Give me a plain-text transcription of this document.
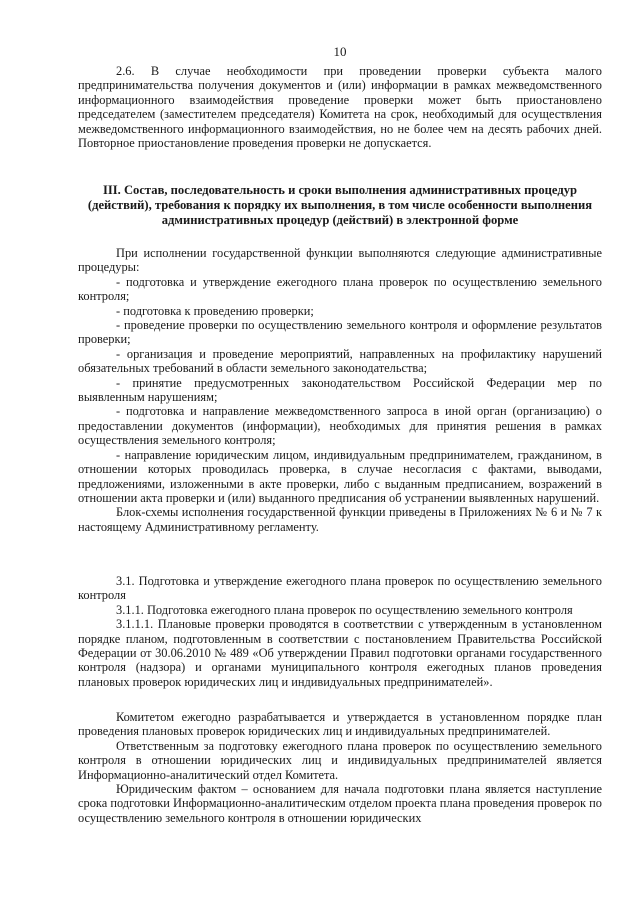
10

2.6. В случае необходимости при проведении проверки субъекта малого предпринимательства получения документов и (или) информации в рамках межведомственного информационного взаимодействия проведение проверки может быть приостановлено председателем (заместителем председателя) Комитета на срок, необходимый для осуществления межведомственного информационного взаимодействия, но не более чем на десять рабочих дней. Повторное приостановление проведения проверки не допускается.

III. Состав, последовательность и сроки выполнения административных процедур (действий), требования к порядку их выполнения, в том числе особенности выполнения административных процедур (действий) в электронной форме

При исполнении государственной функции выполняются следующие административные процедуры:

- подготовка и утверждение ежегодного плана проверок по осуществлению земельного контроля;

- подготовка к проведению проверки;

- проведение проверки по осуществлению земельного контроля и оформление результатов проверки;

- организация и проведение мероприятий, направленных на профилактику нарушений обязательных требований в области земельного законодательства;

- принятие предусмотренных законодательством Российской Федерации мер по выявленным нарушениям;

- подготовка и направление межведомственного запроса в иной орган (организацию) о предоставлении документов (информации), необходимых для принятия решения в рамках осуществления земельного контроля;

- направление юридическим лицом, индивидуальным предпринимателем, гражданином, в отношении которых проводилась проверка, в случае несогласия с фактами, выводами, предложениями, изложенными в акте проверки, либо с выданным предписанием, возражений в отношении акта проверки и (или) выданного предписания об устранении выявленных нарушений.

Блок-схемы исполнения государственной функции приведены в Приложениях № 6 и № 7 к настоящему Административному регламенту.

3.1. Подготовка и утверждение ежегодного плана проверок по осуществлению земельного контроля

3.1.1. Подготовка ежегодного плана проверок по осуществлению земельного контроля

3.1.1.1. Плановые проверки проводятся в соответствии с утвержденным в установленном порядке планом, подготовленным в соответствии с постановлением Правительства Российской Федерации от 30.06.2010 № 489 «Об утверждении Правил подготовки органами государственного контроля (надзора) и органами муниципального контроля ежегодных планов проведения плановых проверок юридических лиц и индивидуальных предпринимателей».

Комитетом ежегодно разрабатывается и утверждается в установленном порядке план проведения плановых проверок юридических лиц и индивидуальных предпринимателей.

Ответственным за подготовку ежегодного плана проверок по осуществлению земельного контроля в отношении юридических лиц и индивидуальных предпринимателей является Информационно-аналитический отдел Комитета.

Юридическим фактом – основанием для начала подготовки плана является наступление срока подготовки Информационно-аналитическим отделом проекта плана проведения проверок по осуществлению земельного контроля в отношении юридических
